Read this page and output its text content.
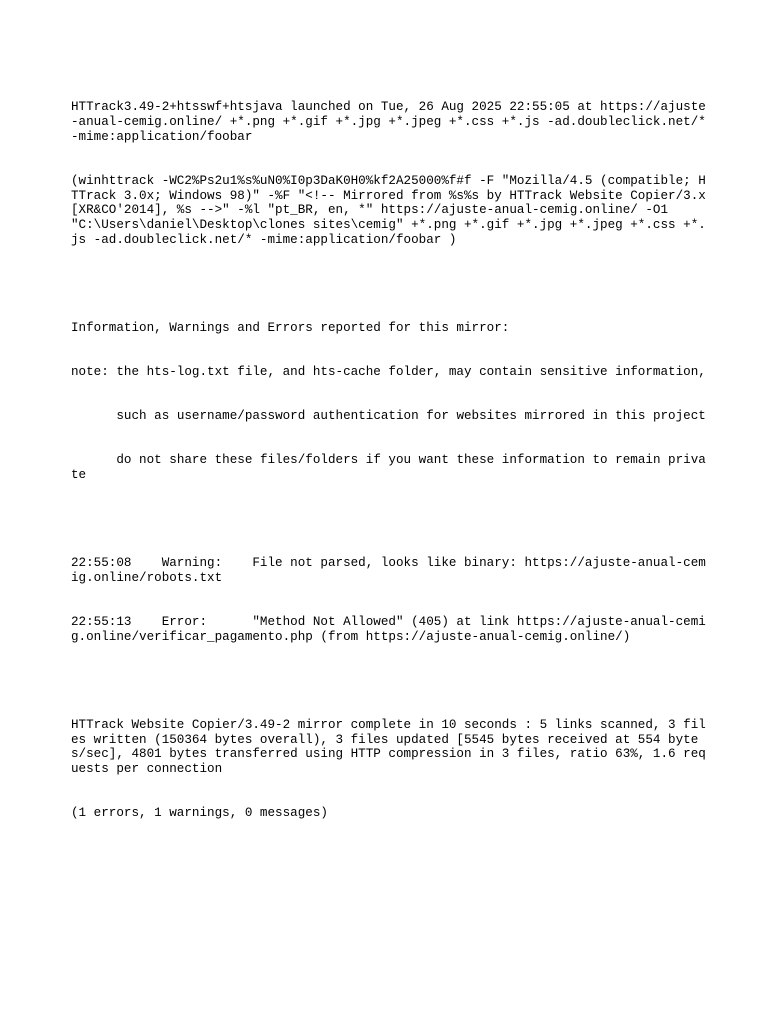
HTTrack3.49-2+htsswf+htsjava launched on Tue, 26 Aug 2025 22:55:05 at https://ajuste-anual-cemig.online/ +*.png +*.gif +*.jpg +*.jpeg +*.css +*.js -ad.doubleclick.net/* -mime:application/foobar

(winhttrack -WC2%Ps2u1%s%uN0%I0p3DaK0H0%kf2A25000%f#f -F "Mozilla/4.5 (compatible; HTTrack 3.0x; Windows 98)" -%F "<!-- Mirrored from %s%s by HTTrack Website Copier/3.x [XR&CO'2014], %s -->" -%l "pt_BR, en, *" https://ajuste-anual-cemig.online/ -O1 "C:\Users\daniel\Desktop\clones sites\cemig" +*.png +*.gif +*.jpg +*.jpeg +*.css +*.js -ad.doubleclick.net/* -mime:application/foobar )

Information, Warnings and Errors reported for this mirror:

note: the hts-log.txt file, and hts-cache folder, may contain sensitive information,

such as username/password authentication for websites mirrored in this project

do not share these files/folders if you want these information to remain private

22:55:08    Warning:    File not parsed, looks like binary: https://ajuste-anual-cemig.online/robots.txt

22:55:13    Error:      "Method Not Allowed" (405) at link https://ajuste-anual-cemig.online/verificar_pagamento.php (from https://ajuste-anual-cemig.online/)

HTTrack Website Copier/3.49-2 mirror complete in 10 seconds : 5 links scanned, 3 files written (150364 bytes overall), 3 files updated [5545 bytes received at 554 bytes/sec], 4801 bytes transferred using HTTP compression in 3 files, ratio 63%, 1.6 requests per connection

(1 errors, 1 warnings, 0 messages)
